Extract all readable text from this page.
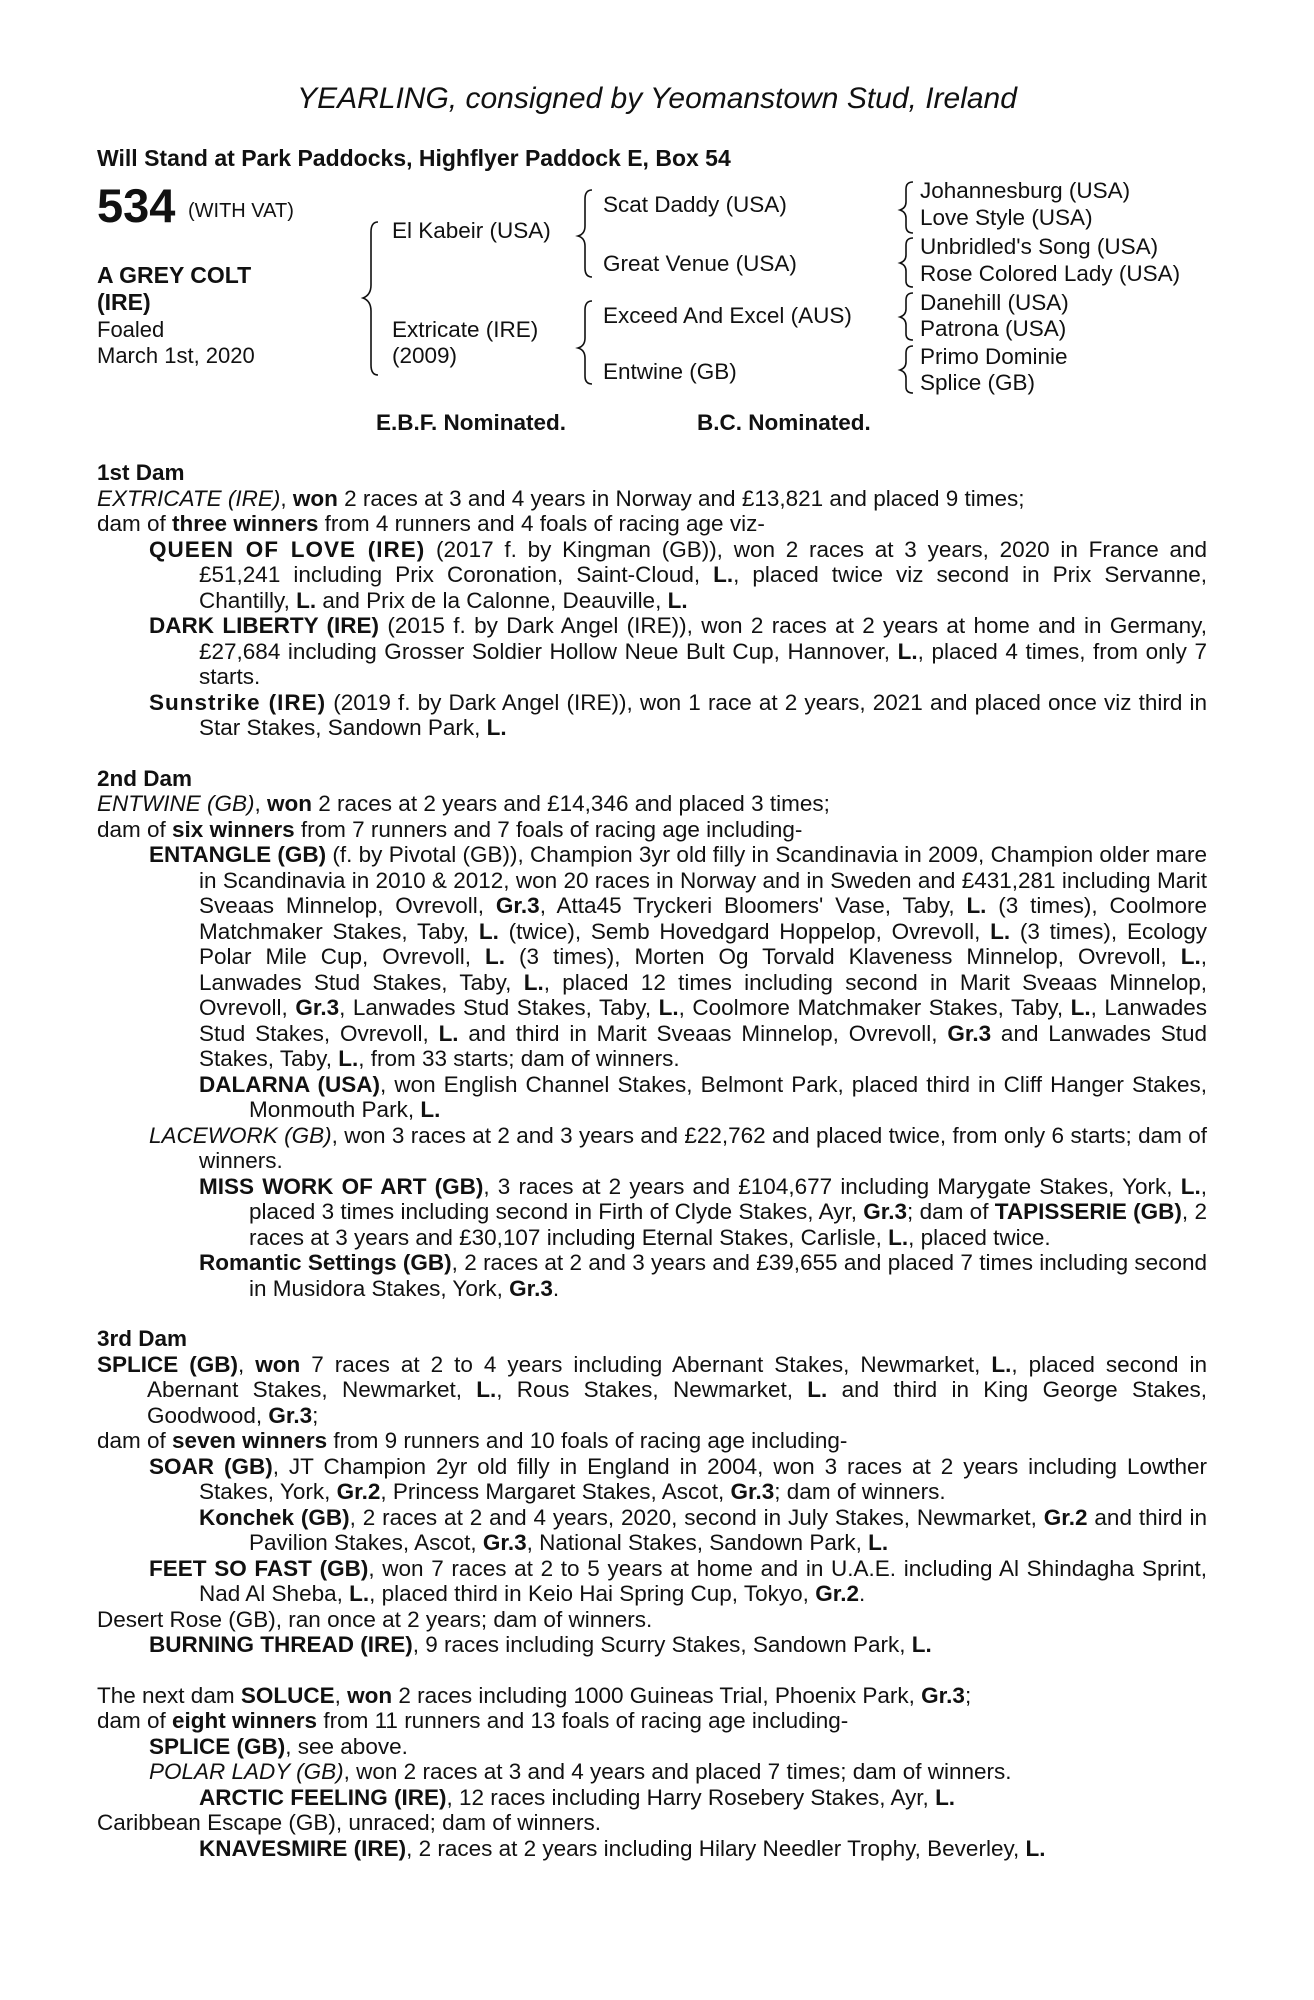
YEARLING, consigned by Yeomanstown Stud, Ireland
Will Stand at Park Paddocks, Highflyer Paddock E, Box 54
534 (WITH VAT)
A GREY COLT
(IRE)
Foaled
March 1st, 2020
El Kabeir (USA)
Extricate (IRE)
(2009)
Scat Daddy (USA)
Great Venue (USA)
Exceed And Excel (AUS)
Entwine (GB)
Johannesburg (USA)
Love Style (USA)
Unbridled's Song (USA)
Rose Colored Lady (USA)
Danehill (USA)
Patrona (USA)
Primo Dominie
Splice (GB)
E.B.F. Nominated.	B.C. Nominated.
1st Dam
EXTRICATE (IRE), won 2 races at 3 and 4 years in Norway and £13,821 and placed 9 times;
dam of three winners from 4 runners and 4 foals of racing age viz-
QUEEN OF LOVE (IRE) (2017 f. by Kingman (GB)), won 2 races at 3 years, 2020 in France and £51,241 including Prix Coronation, Saint-Cloud, L., placed twice viz second in Prix Servanne, Chantilly, L. and Prix de la Calonne, Deauville, L.
DARK LIBERTY (IRE) (2015 f. by Dark Angel (IRE)), won 2 races at 2 years at home and in Germany, £27,684 including Grosser Soldier Hollow Neue Bult Cup, Hannover, L., placed 4 times, from only 7 starts.
Sunstrike (IRE) (2019 f. by Dark Angel (IRE)), won 1 race at 2 years, 2021 and placed once viz third in Star Stakes, Sandown Park, L.
2nd Dam
ENTWINE (GB), won 2 races at 2 years and £14,346 and placed 3 times;
dam of six winners from 7 runners and 7 foals of racing age including-
ENTANGLE (GB) (f. by Pivotal (GB)), Champion 3yr old filly in Scandinavia in 2009, Champion older mare in Scandinavia in 2010 & 2012, won 20 races in Norway and in Sweden and £431,281 including Marit Sveaas Minnelop, Ovrevoll, Gr.3, Atta45 Tryckeri Bloomers' Vase, Taby, L. (3 times), Coolmore Matchmaker Stakes, Taby, L. (twice), Semb Hovedgard Hoppelop, Ovrevoll, L. (3 times), Ecology Polar Mile Cup, Ovrevoll, L. (3 times), Morten Og Torvald Klaveness Minnelop, Ovrevoll, L., Lanwades Stud Stakes, Taby, L., placed 12 times including second in Marit Sveaas Minnelop, Ovrevoll, Gr.3, Lanwades Stud Stakes, Taby, L., Coolmore Matchmaker Stakes, Taby, L., Lanwades Stud Stakes, Ovrevoll, L. and third in Marit Sveaas Minnelop, Ovrevoll, Gr.3 and Lanwades Stud Stakes, Taby, L., from 33 starts; dam of winners.
DALARNA (USA), won English Channel Stakes, Belmont Park, placed third in Cliff Hanger Stakes, Monmouth Park, L.
LACEWORK (GB), won 3 races at 2 and 3 years and £22,762 and placed twice, from only 6 starts; dam of winners.
MISS WORK OF ART (GB), 3 races at 2 years and £104,677 including Marygate Stakes, York, L., placed 3 times including second in Firth of Clyde Stakes, Ayr, Gr.3; dam of TAPISSERIE (GB), 2 races at 3 years and £30,107 including Eternal Stakes, Carlisle, L., placed twice.
Romantic Settings (GB), 2 races at 2 and 3 years and £39,655 and placed 7 times including second in Musidora Stakes, York, Gr.3.
3rd Dam
SPLICE (GB), won 7 races at 2 to 4 years including Abernant Stakes, Newmarket, L., placed second in Abernant Stakes, Newmarket, L., Rous Stakes, Newmarket, L. and third in King George Stakes, Goodwood, Gr.3;
dam of seven winners from 9 runners and 10 foals of racing age including-
SOAR (GB), JT Champion 2yr old filly in England in 2004, won 3 races at 2 years including Lowther Stakes, York, Gr.2, Princess Margaret Stakes, Ascot, Gr.3; dam of winners.
Konchek (GB), 2 races at 2 and 4 years, 2020, second in July Stakes, Newmarket, Gr.2 and third in Pavilion Stakes, Ascot, Gr.3, National Stakes, Sandown Park, L.
FEET SO FAST (GB), won 7 races at 2 to 5 years at home and in U.A.E. including Al Shindagha Sprint, Nad Al Sheba, L., placed third in Keio Hai Spring Cup, Tokyo, Gr.2.
Desert Rose (GB), ran once at 2 years; dam of winners.
BURNING THREAD (IRE), 9 races including Scurry Stakes, Sandown Park, L.
The next dam SOLUCE, won 2 races including 1000 Guineas Trial, Phoenix Park, Gr.3;
dam of eight winners from 11 runners and 13 foals of racing age including-
SPLICE (GB), see above.
POLAR LADY (GB), won 2 races at 3 and 4 years and placed 7 times; dam of winners.
ARCTIC FEELING (IRE), 12 races including Harry Rosebery Stakes, Ayr, L.
Caribbean Escape (GB), unraced; dam of winners.
KNAVESMIRE (IRE), 2 races at 2 years including Hilary Needler Trophy, Beverley, L.
